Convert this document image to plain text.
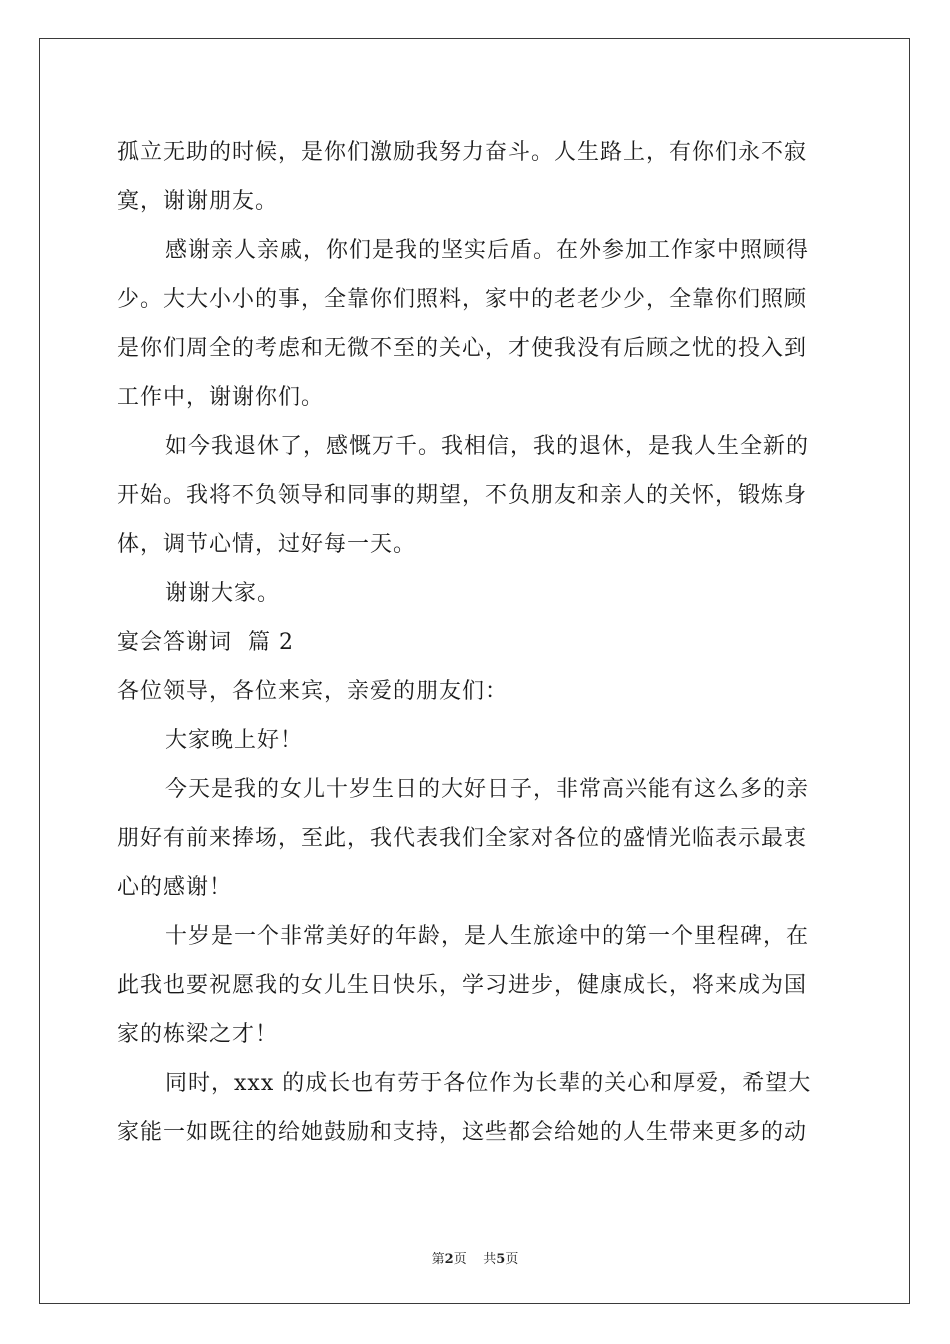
孤立无助的时候，是你们激励我努力奋斗。人生路上，有你们永不寂
寞，谢谢朋友。
感谢亲人亲戚，你们是我的坚实后盾。在外参加工作家中照顾得
少。大大小小的事，全靠你们照料，家中的老老少少，全靠你们照顾
是你们周全的考虑和无微不至的关心，才使我没有后顾之忧的投入到
工作中，谢谢你们。
如今我退休了，感慨万千。我相信，我的退休，是我人生全新的
开始。我将不负领导和同事的期望，不负朋友和亲人的关怀，锻炼身
体，调节心情，过好每一天。
谢谢大家。
宴会答谢词  篇 2
各位领导，各位来宾，亲爱的朋友们：
大家晚上好！
今天是我的女儿十岁生日的大好日子，非常高兴能有这么多的亲
朋好有前来捧场，至此，我代表我们全家对各位的盛情光临表示最衷
心的感谢！
十岁是一个非常美好的年龄，是人生旅途中的第一个里程碑，在
此我也要祝愿我的女儿生日快乐，学习进步，健康成长，将来成为国
家的栋梁之才！
同时，xxx 的成长也有劳于各位作为长辈的关心和厚爱，希望大
家能一如既往的给她鼓励和支持，这些都会给她的人生带来更多的动
第2页 共5页
